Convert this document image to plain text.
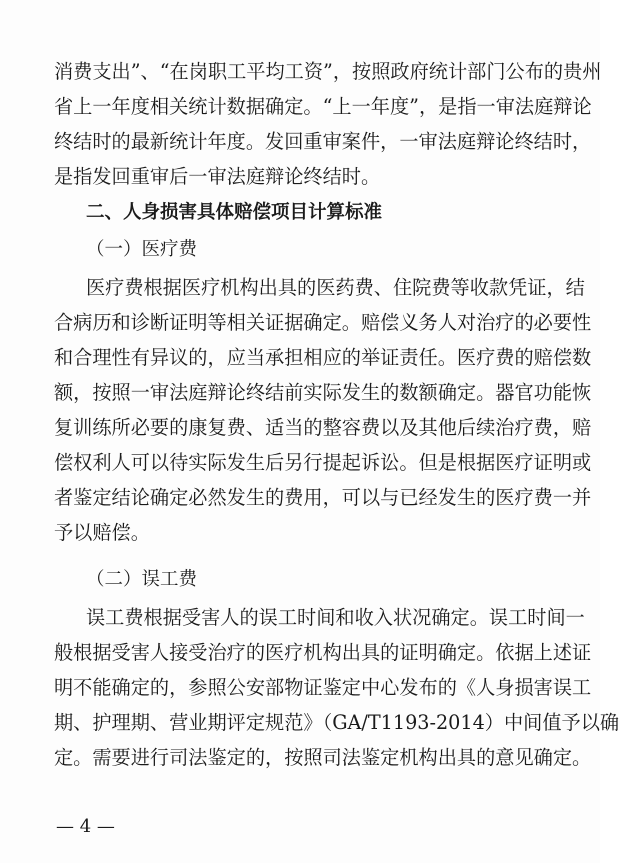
消费支出”、“在岗职工平均工资”，按照政府统计部门公布的贵州
省上一年度相关统计数据确定。“上一年度”，是指一审法庭辩论
终结时的最新统计年度。发回重审案件，一审法庭辩论终结时，
是指发回重审后一审法庭辩论终结时。
二、人身损害具体赔偿项目计算标准
（一）医疗费
医疗费根据医疗机构出具的医药费、住院费等收款凭证，结
合病历和诊断证明等相关证据确定。赔偿义务人对治疗的必要性
和合理性有异议的，应当承担相应的举证责任。医疗费的赔偿数
额，按照一审法庭辩论终结前实际发生的数额确定。器官功能恢
复训练所必要的康复费、适当的整容费以及其他后续治疗费，赔
偿权利人可以待实际发生后另行提起诉讼。但是根据医疗证明或
者鉴定结论确定必然发生的费用，可以与已经发生的医疗费一并
予以赔偿。
（二）误工费
误工费根据受害人的误工时间和收入状况确定。误工时间一
般根据受害人接受治疗的医疗机构出具的证明确定。依据上述证
明不能确定的，参照公安部物证鉴定中心发布的《人身损害误工
期、护理期、营业期评定规范》（GA/T1193-2014）中间值予以确
定。需要进行司法鉴定的，按照司法鉴定机构出具的意见确定。
— 4 —
